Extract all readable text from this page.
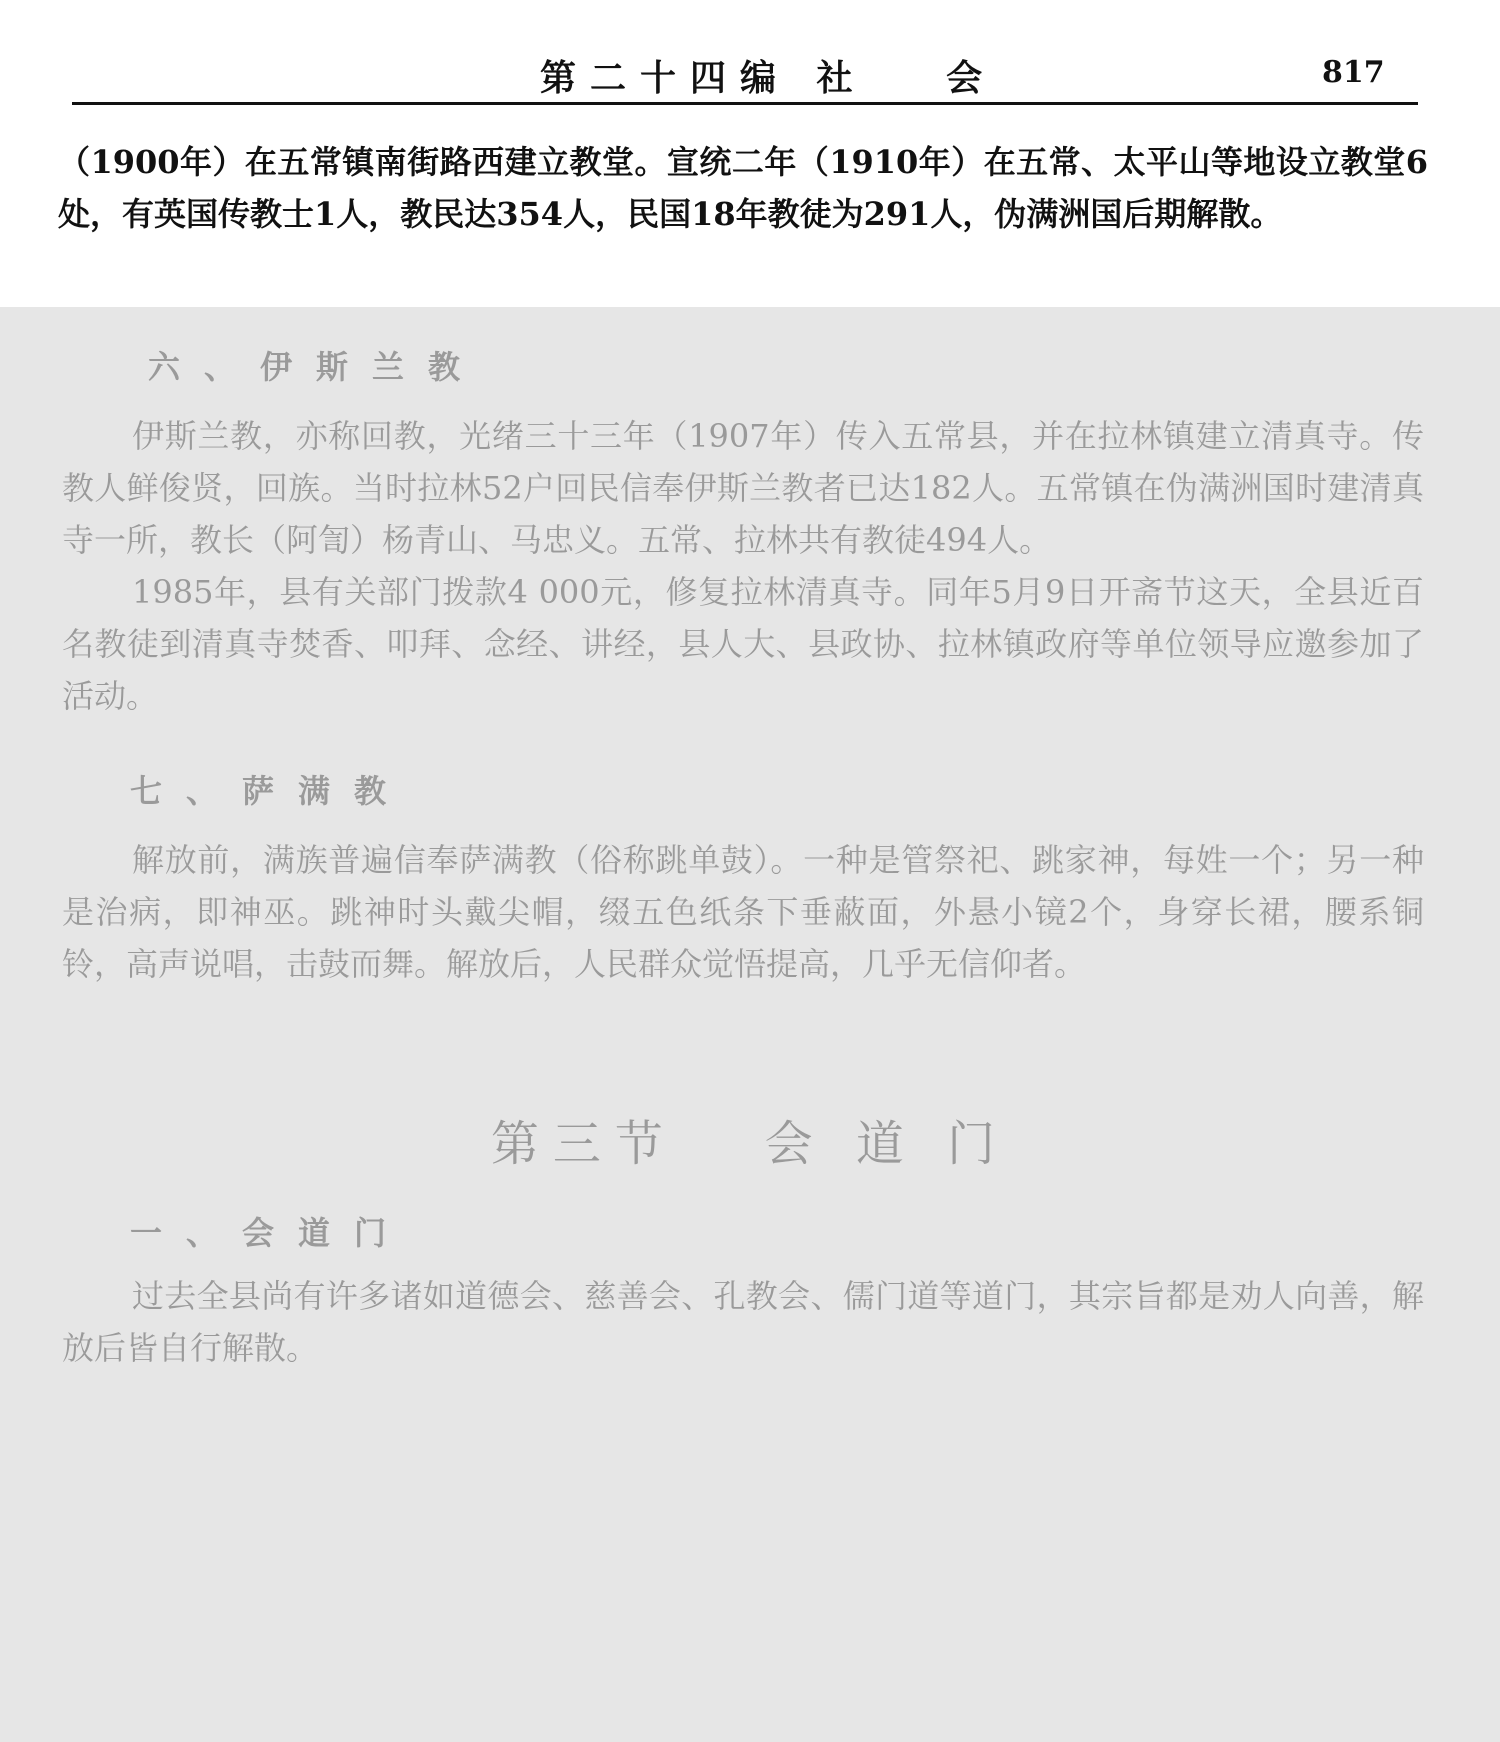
第二十四编 社   会	817
（1900年）在五常镇南街路西建立教堂。宣统二年（1910年）在五常、太平山等地设立教堂6处，有英国传教士1人，教民达354人，民国18年教徒为291人，伪满洲国后期解散。
六、伊斯兰教
伊斯兰教，亦称回教，光绪三十三年（1907年）传入五常县，并在拉林镇建立清真寺。传教人鲜俊贤，回族。当时拉林52户回民信奉伊斯兰教者已达182人。五常镇在伪满洲国时建清真寺一所，教长（阿訇）杨青山、马忠义。五常、拉林共有教徒494人。
1985年，县有关部门拨款4 000元，修复拉林清真寺。同年5月9日开斋节这天，全县近百名教徒到清真寺焚香、叩拜、念经、讲经，县人大、县政协、拉林镇政府等单位领导应邀参加了活动。
七、萨满教
解放前，满族普遍信奉萨满教（俗称跳单鼓）。一种是管祭祀、跳家神，每姓一个；另一种是治病，即神巫。跳神时头戴尖帽，缀五色纸条下垂蔽面，外悬小镜2个，身穿长裙，腰系铜铃，高声说唱，击鼓而舞。解放后，人民群众觉悟提高，几乎无信仰者。
第三节   会 道 门
一、会道门
过去全县尚有许多诸如道德会、慈善会、孔教会、儒门道等道门，其宗旨都是劝人向善，解放后皆自行解散。
